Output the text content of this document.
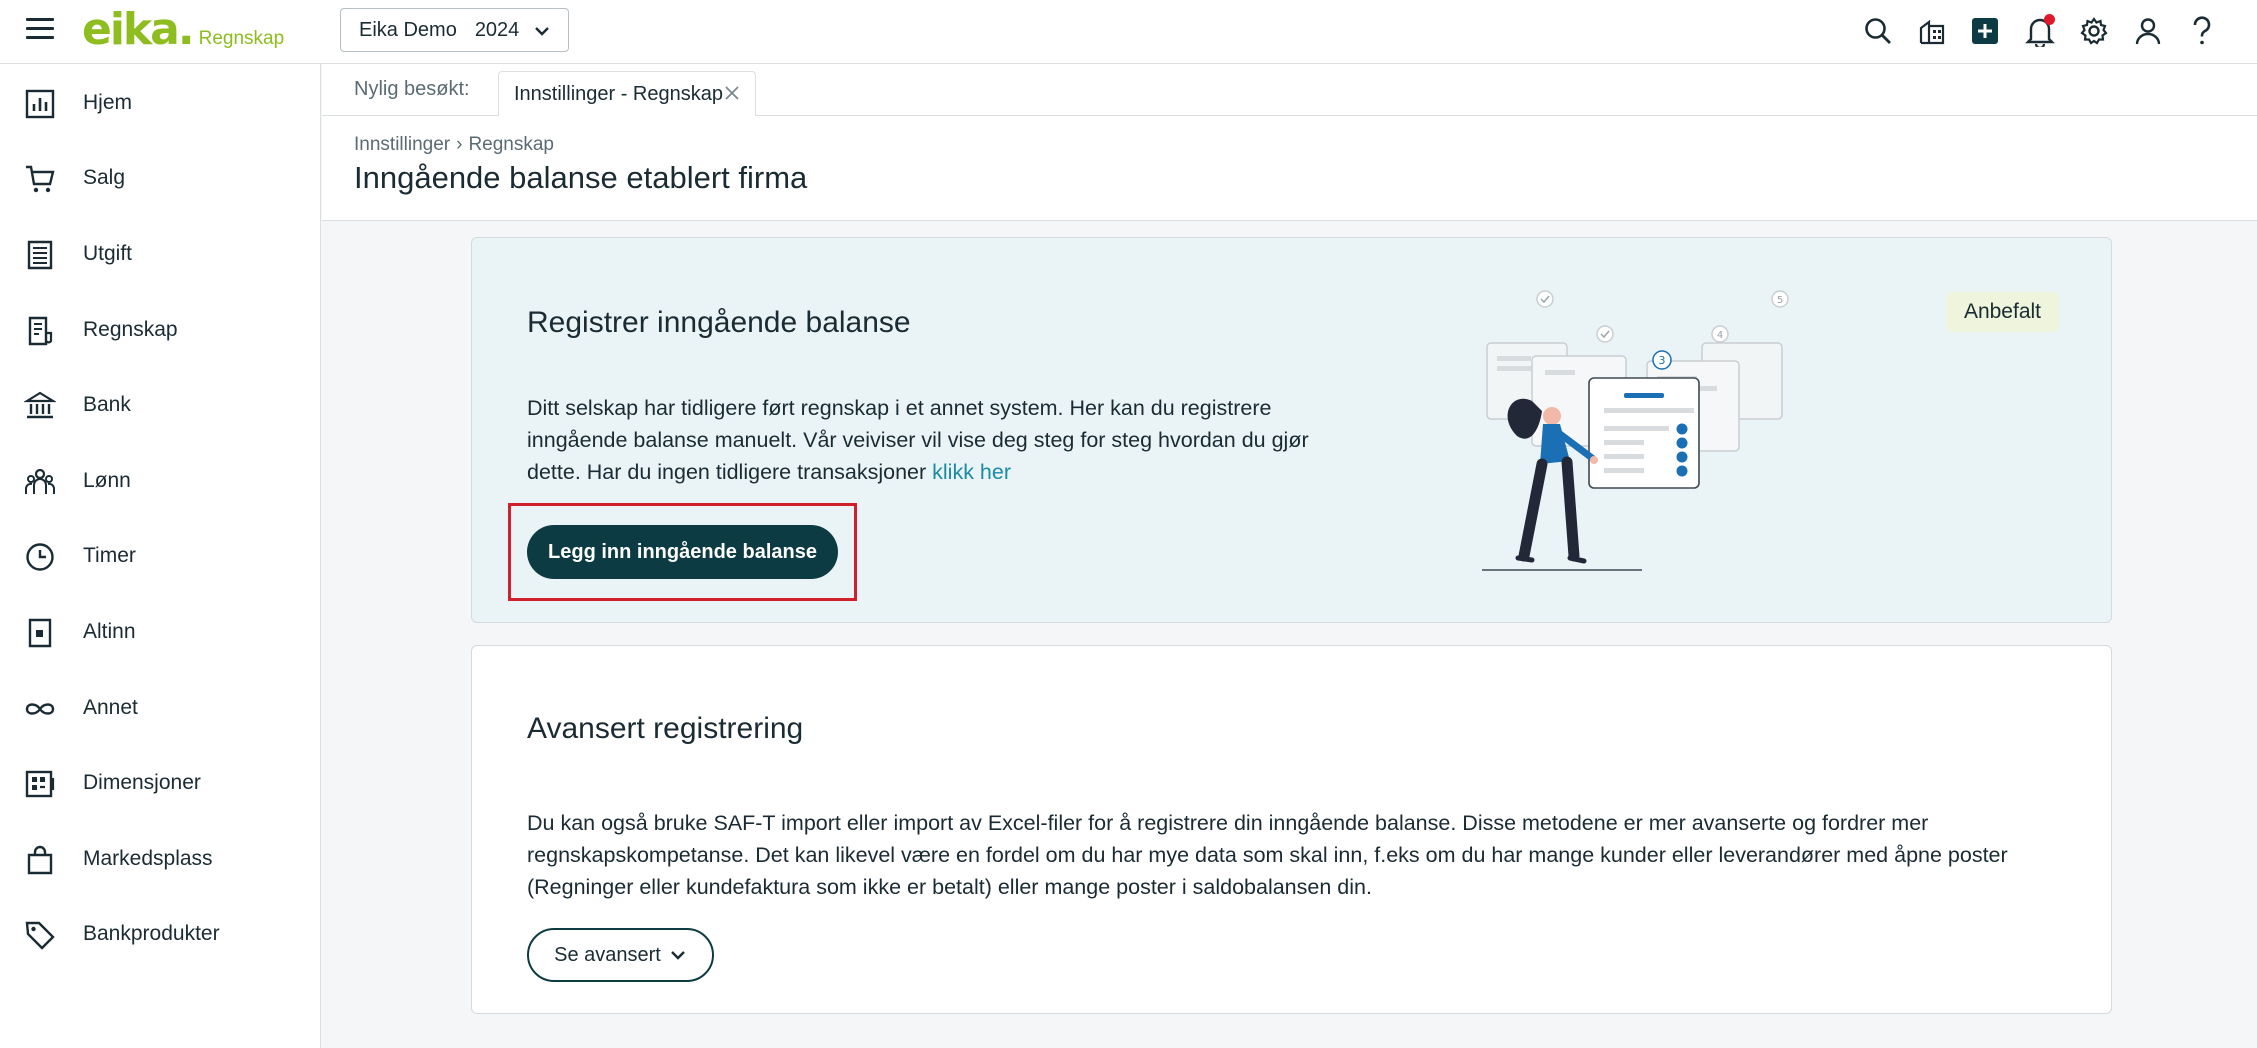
eika. Regnskap	Eika Demo 2024
Hjem
Salg
Utgift
Regnskap
Bank
Lønn
Timer
Altinn
Annet
Dimensjoner
Markedsplass
Bankprodukter
Nylig besøkt: Innstillinger - Regnskap
Innstillinger › Regnskap
Inngående balanse etablert firma
Registrer inngående balanse

Ditt selskap har tidligere ført regnskap i et annet system. Her kan du registrere inngående balanse manuelt. Vår veiviser vil vise deg steg for steg hvordan du gjør dette. Har du ingen tidligere transaksjoner klikk her

Anbefalt
Legg inn inngående balanse
3
4
5
Avansert registrering

Du kan også bruke SAF-T import eller import av Excel-filer for å registrere din inngående balanse. Disse metodene er mer avanserte og fordrer mer regnskapskompetanse. Det kan likevel være en fordel om du har mye data som skal inn, f.eks om du har mange kunder eller leverandører med åpne poster (Regninger eller kundefaktura som ikke er betalt) eller mange poster i saldobalansen din.

Se avansert
